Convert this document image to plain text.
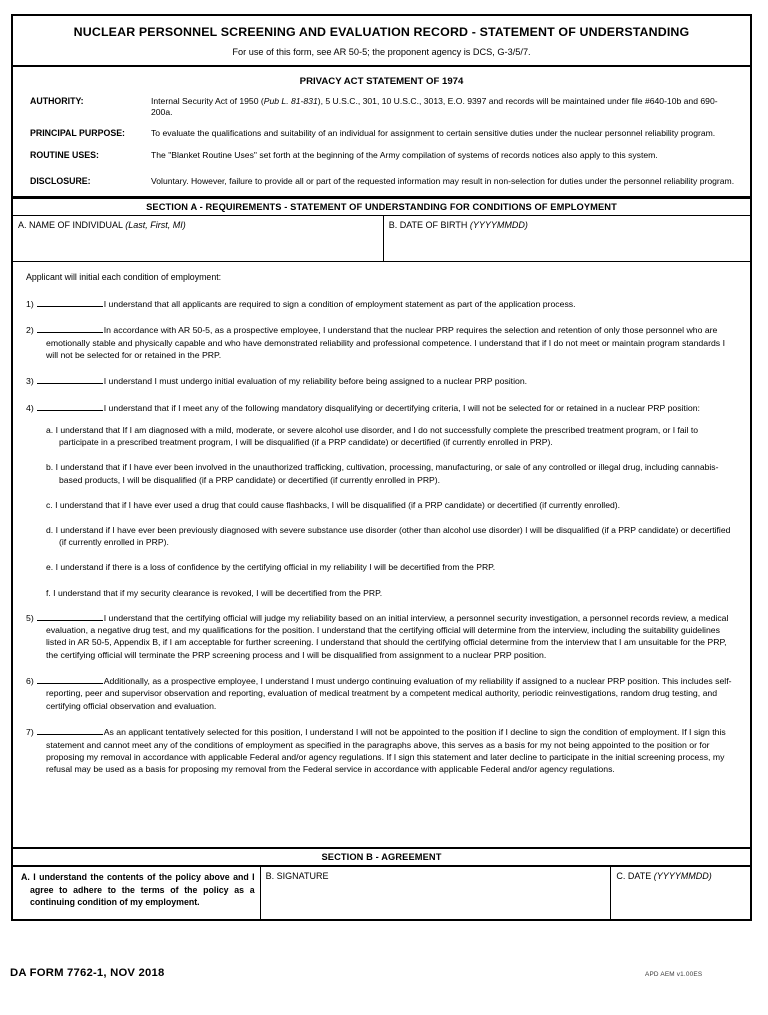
NUCLEAR PERSONNEL SCREENING AND EVALUATION RECORD - STATEMENT OF UNDERSTANDING
For use of this form, see AR 50-5; the proponent agency is DCS, G-3/5/7.
PRIVACY ACT STATEMENT OF 1974
AUTHORITY:	Internal Security Act of 1950 (Pub L. 81-831), 5 U.S.C., 301, 10 U.S.C., 3013, E.O. 9397 and records will be maintained under file #640-10b and 690-200a.
PRINCIPAL PURPOSE:	To evaluate the qualifications and suitability of an individual for assignment to certain sensitive duties under the nuclear personnel reliability program.
ROUTINE USES:	The "Blanket Routine Uses" set forth at the beginning of the Army compilation of systems of records notices also apply to this system.
DISCLOSURE:	Voluntary. However, failure to provide all or part of the requested information may result in non-selection for duties under the personnel reliability program.
SECTION A - REQUIREMENTS - STATEMENT OF UNDERSTANDING FOR CONDITIONS OF EMPLOYMENT
A. NAME OF INDIVIDUAL (Last, First, MI)	B. DATE OF BIRTH (YYYYMMDD)
Applicant will initial each condition of employment:
1)	I understand that all applicants are required to sign a condition of employment statement as part of the application process.
2)	In accordance with AR 50-5, as a prospective employee, I understand that the nuclear PRP requires the selection and retention of only those personnel who are emotionally stable and physically capable and who have demonstrated reliability and professional competence. I understand that if I do not meet or maintain program standards I will not be selected for or retained in the PRP.
3)	I understand I must undergo initial evaluation of my reliability before being assigned to a nuclear PRP position.
4)	I understand that if I meet any of the following mandatory disqualifying or decertifying criteria, I will not be selected for or retained in a nuclear PRP position:
a. I understand that If I am diagnosed with a mild, moderate, or severe alcohol use disorder, and I do not successfully complete the prescribed treatment program, or I fail to participate in a prescribed treatment program, I will be disqualified (if a PRP candidate) or decertified (if currently enrolled in PRP).
b. I understand that if I have ever been involved in the unauthorized trafficking, cultivation, processing, manufacturing, or sale of any controlled or illegal drug, including cannabis-based products, I will be disqualified (if a PRP candidate) or decertified (if currently enrolled in PRP).
c. I understand that if I have ever used a drug that could cause flashbacks, I will be disqualified (if a PRP candidate) or decertified (if currently enrolled).
d. I understand if I have ever been previously diagnosed with severe substance use disorder (other than alcohol use disorder) I will be disqualified (if a PRP candidate) or decertified (if currently enrolled in PRP).
e. I understand if there is a loss of confidence by the certifying official in my reliability I will be decertified from the PRP.
f. I understand that if my security clearance is revoked, I will be decertified from the PRP.
5)	I understand that the certifying official will judge my reliability based on an initial interview, a personnel security investigation, a personnel records review, a medical evaluation, a negative drug test, and my qualifications for the position. I understand that the certifying official will determine from the interview, including the suitability guidelines listed in AR 50-5, Appendix B, if I am acceptable for further screening. I understand that should the certifying official determine from the interview that I am unsuitable for the PRP, the certifying official will terminate the PRP screening process and I will be disqualified from assignment to a nuclear PRP position.
6)	Additionally, as a prospective employee, I understand I must undergo continuing evaluation of my reliability if assigned to a nuclear PRP position. This includes self-reporting, peer and supervisor observation and reporting, evaluation of medical treatment by a competent medical authority, periodic reinvestigations, random drug testing, and certifying official observation and evaluation.
7)	As an applicant tentatively selected for this position, I understand I will not be appointed to the position if I decline to sign the condition of employment. If I sign this statement and cannot meet any of the conditions of employment as specified in the paragraphs above, this serves as a basis for my not being appointed to the position or for proposing my removal in accordance with applicable Federal and/or agency regulations. If I sign this statement and later decline to participate in the initial screening process, my refusal may be used as a basis for proposing my removal from the Federal service in accordance with applicable Federal and/or agency regulations.
SECTION B - AGREEMENT
A. I understand the contents of the policy above and I agree to adhere to the terms of the policy as a continuing condition of my employment.
B. SIGNATURE	C. DATE (YYYYMMDD)
DA FORM 7762-1, NOV 2018	APD AEM v1.00ES
